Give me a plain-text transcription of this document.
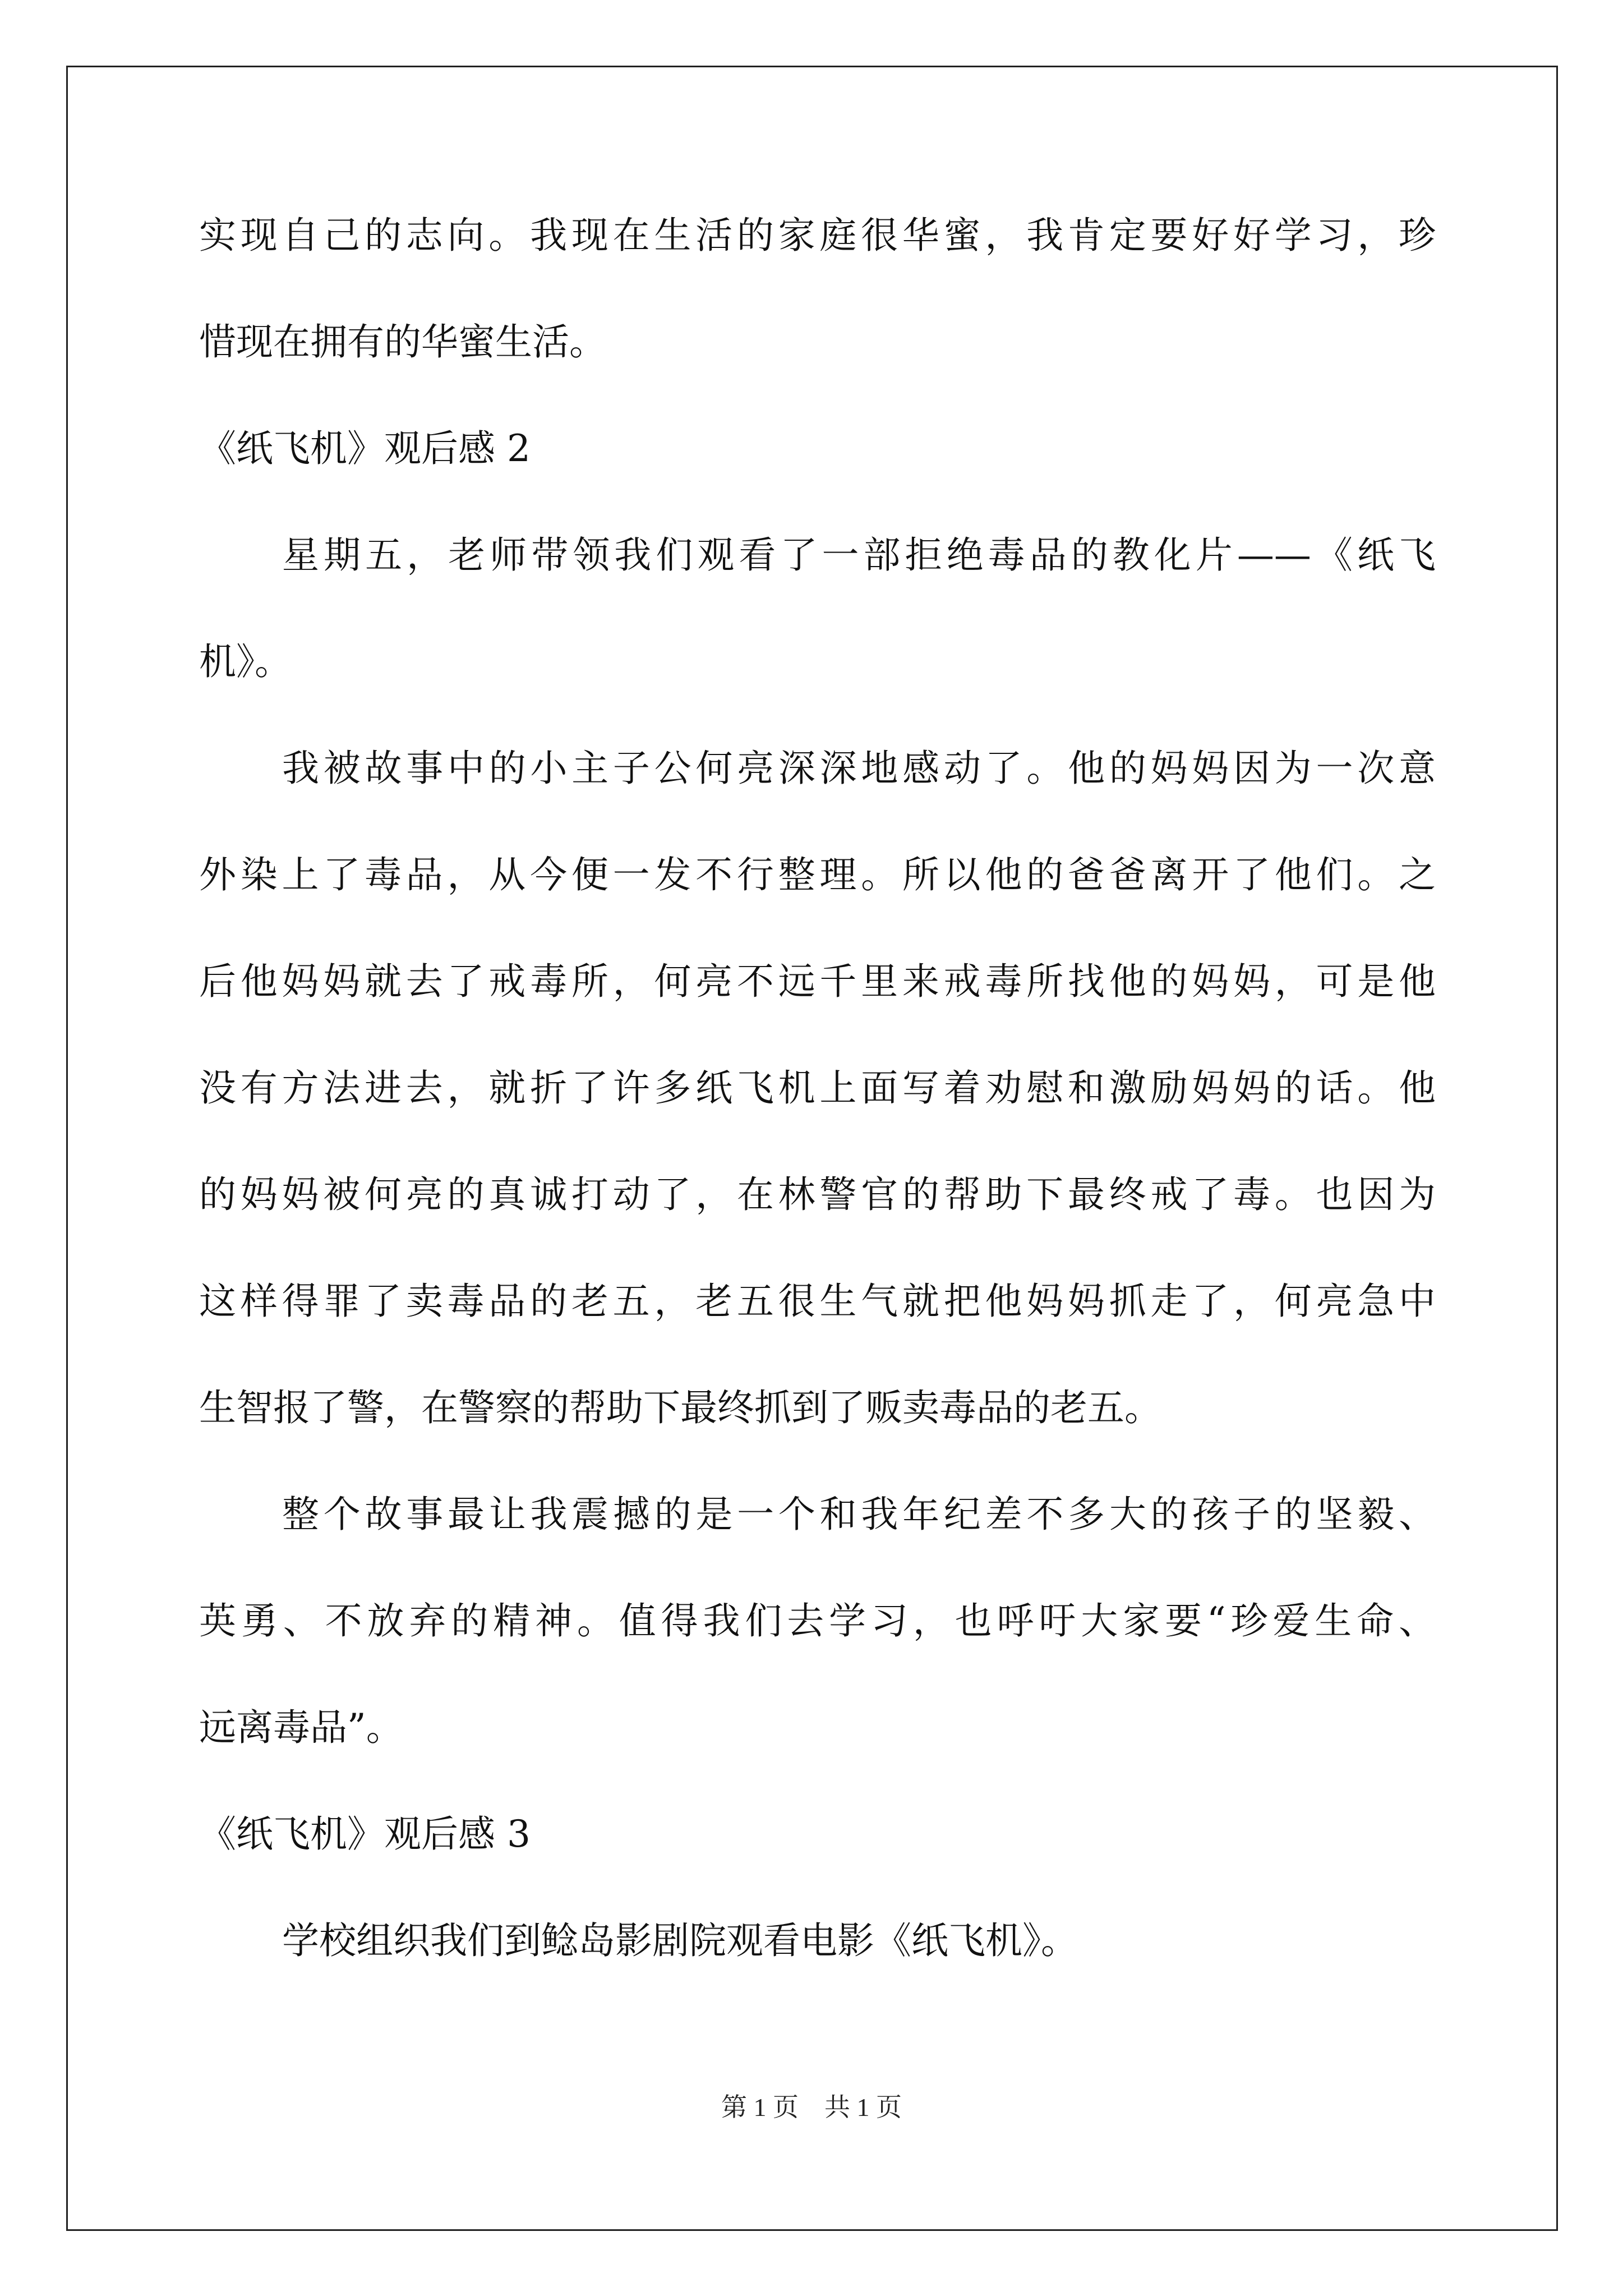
实现自己的志向。我现在生活的家庭很华蜜，我肯定要好好学习，珍
惜现在拥有的华蜜生活。
《纸飞机》观后感 2
星期五，老师带领我们观看了一部拒绝毒品的教化片——《纸飞
机》。
我被故事中的小主子公何亮深深地感动了。他的妈妈因为一次意
外染上了毒品，从今便一发不行整理。所以他的爸爸离开了他们。之
后他妈妈就去了戒毒所，何亮不远千里来戒毒所找他的妈妈，可是他
没有方法进去，就折了许多纸飞机上面写着劝慰和激励妈妈的话。他
的妈妈被何亮的真诚打动了，在林警官的帮助下最终戒了毒。也因为
这样得罪了卖毒品的老五，老五很生气就把他妈妈抓走了，何亮急中
生智报了警，在警察的帮助下最终抓到了贩卖毒品的老五。
整个故事最让我震撼的是一个和我年纪差不多大的孩子的坚毅、
英勇、不放弃的精神。值得我们去学习，也呼吁大家要“珍爱生命、
远离毒品”。
《纸飞机》观后感 3
学校组织我们到鲶岛影剧院观看电影《纸飞机》。
第 1 页　共 1 页
